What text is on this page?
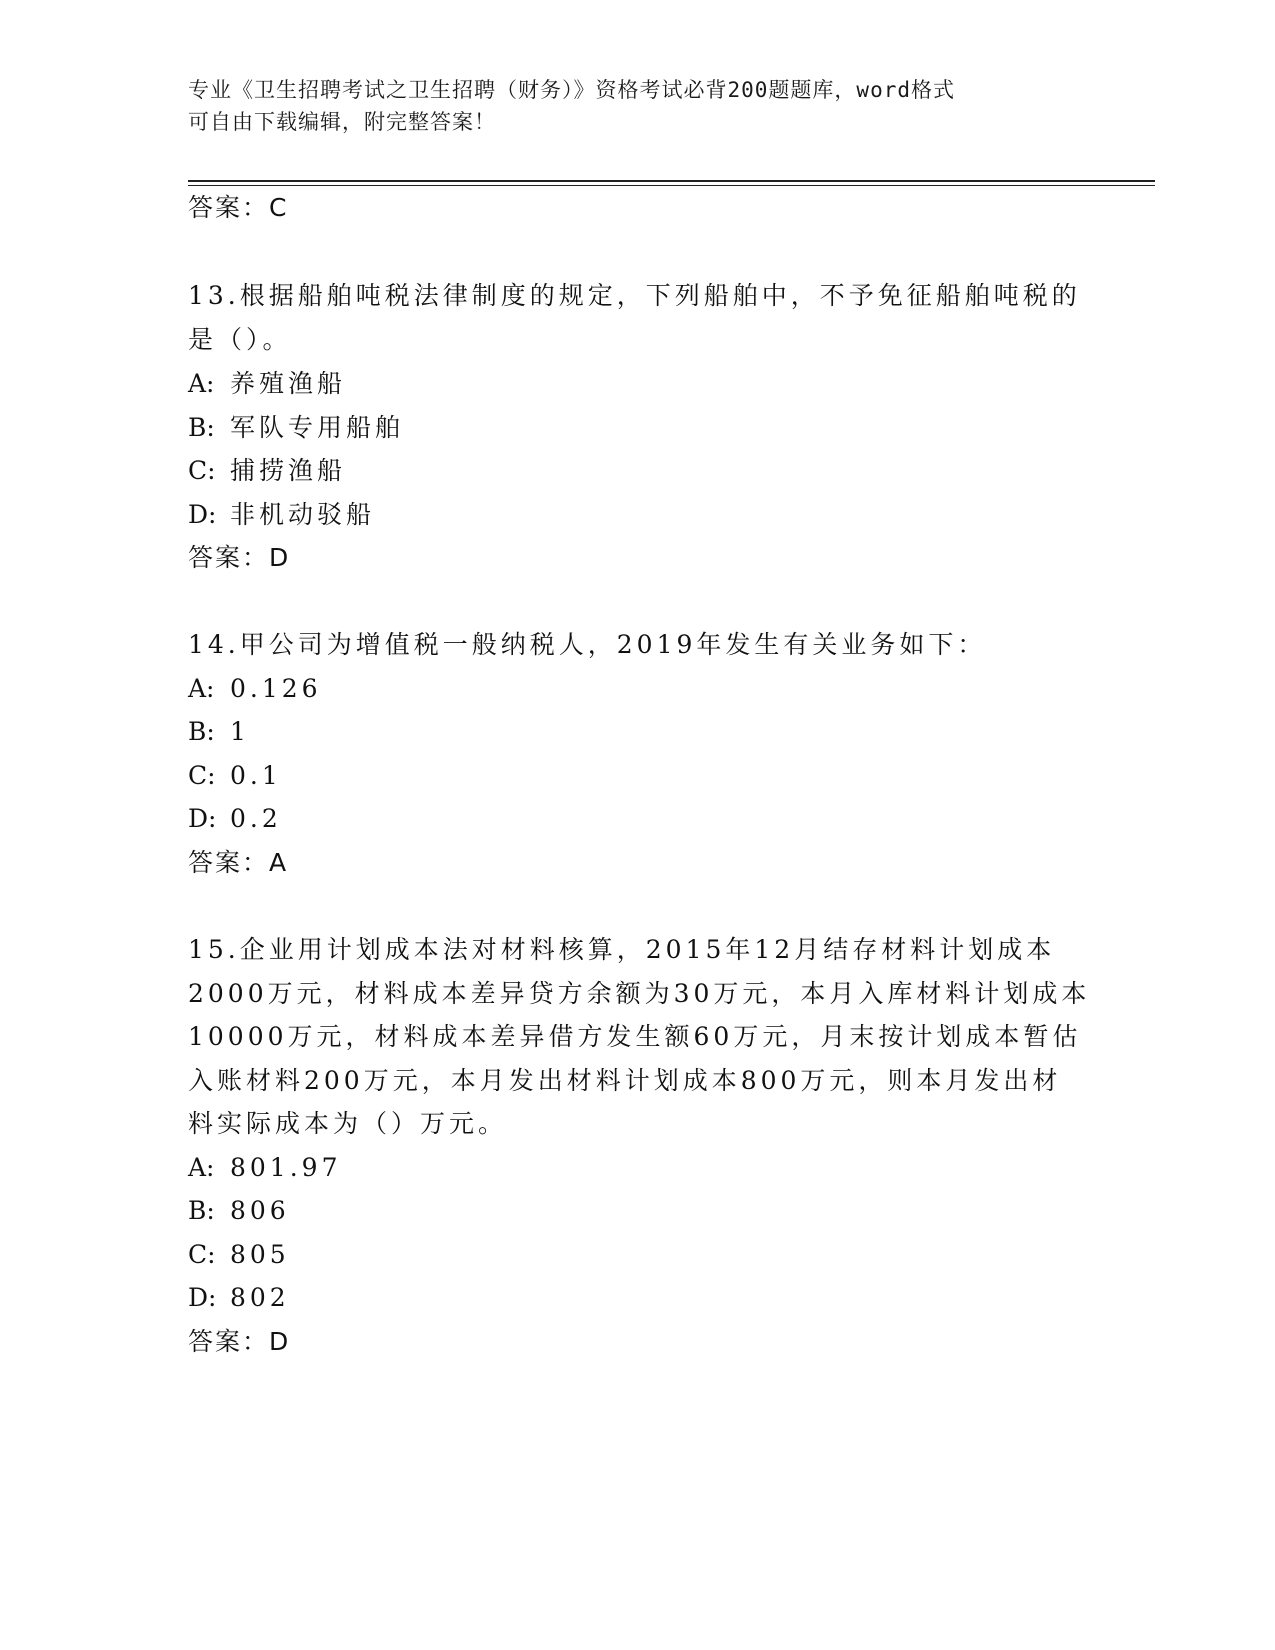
专业《卫生招聘考试之卫生招聘（财务）》资格考试必背200题题库，word格式
可自由下载编辑，附完整答案！
答案：C
13.根据船舶吨税法律制度的规定，下列船舶中，不予免征船舶吨税的
是（）。
A: 养殖渔船
B: 军队专用船舶
C: 捕捞渔船
D: 非机动驳船
答案：D
14.甲公司为增值税一般纳税人，2019年发生有关业务如下：
A: 0.126
B: 1
C: 0.1
D: 0.2
答案：A
15.企业用计划成本法对材料核算，2015年12月结存材料计划成本
2000万元，材料成本差异贷方余额为30万元，本月入库材料计划成本
10000万元，材料成本差异借方发生额60万元，月末按计划成本暂估
入账材料200万元，本月发出材料计划成本800万元，则本月发出材
料实际成本为（）万元。
A: 801.97
B: 806
C: 805
D: 802
答案：D
